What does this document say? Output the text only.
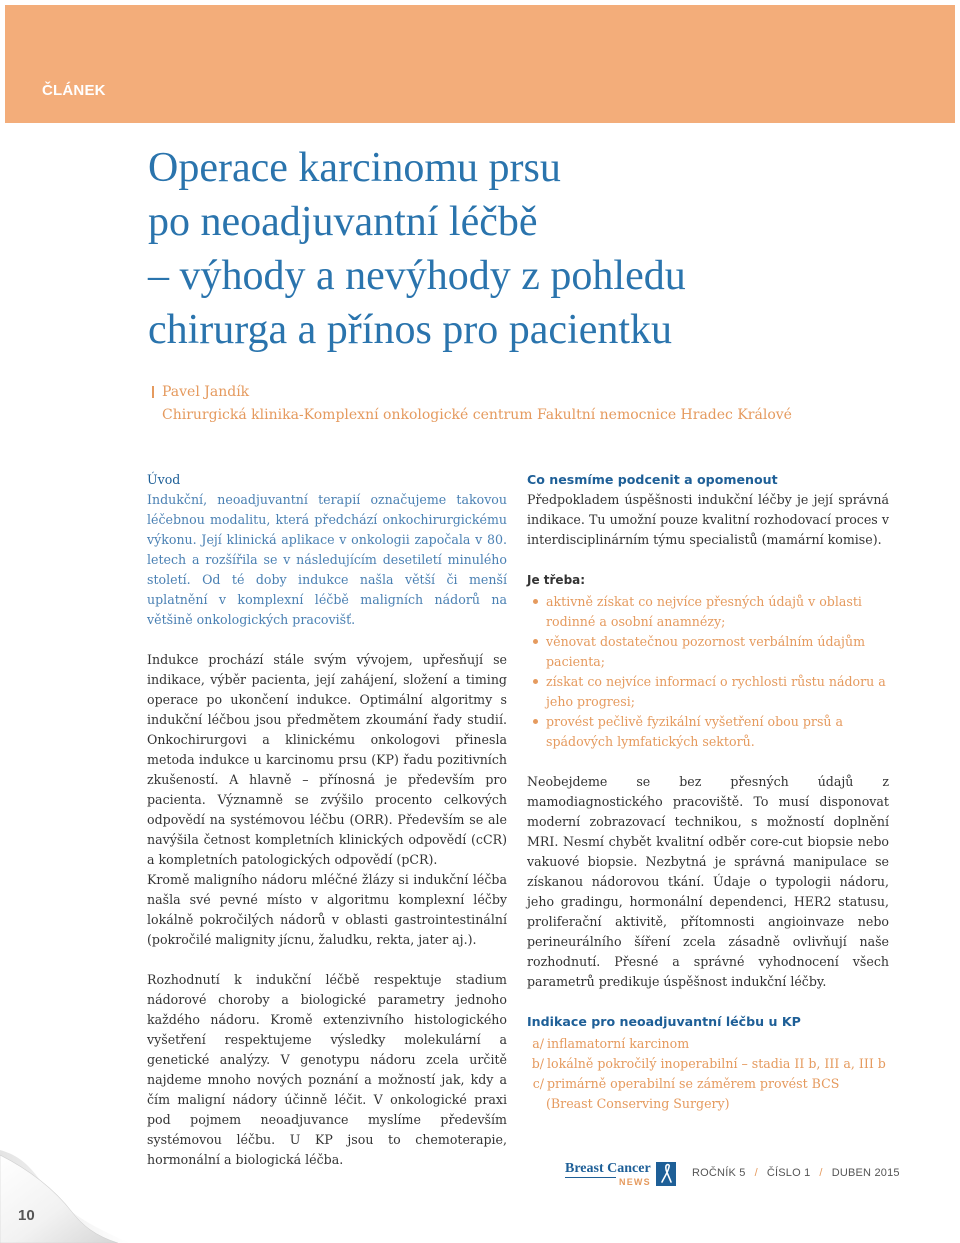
ČLÁNEK
Operace karcinomu prsu
po neoadjuvantní léčbě
– výhody a nevýhody z pohledu
chirurga a přínos pro pacientku
Pavel Jandík
Chirurgická klinika-Komplexní onkologické centrum Fakultní nemocnice Hradec Králové

Úvod

Indukční, neoadjuvantní terapií označujeme takovou léčebnou modalitu, která předchází onkochirurgickému výkonu. Její klinická aplikace v onkologii započala v 80. letech a rozšířila se v následujícím desetiletí minulého století. Od té doby indukce našla větší či menší uplatnění v komplexní léčbě maligních nádorů na většině onkologických pracovišť.

Indukce prochází stále svým vývojem, upřesňují se indikace, výběr pacienta, její zahájení, složení a timing operace po ukončení indukce. Optimální algoritmy s indukční léčbou jsou předmětem zkoumání řady studií. Onkochirurgovi a klinickému onkologovi přinesla metoda indukce u karcinomu prsu (KP) řadu pozitivních zkušeností. A hlavně – přínosná je především pro pacienta. Významně se zvýšilo procento celkových odpovědí na systémovou léčbu (ORR). Především se ale navýšila četnost kompletních klinických odpovědí (cCR) a kompletních patologických odpovědí (pCR).

Kromě maligního nádoru mléčné žlázy si indukční léčba našla své pevné místo v algoritmu komplexní léčby lokálně pokročilých nádorů v oblasti gastrointestinální (pokročilé malignity jícnu, žaludku, rekta, jater aj.).

Rozhodnutí k indukční léčbě respektuje stadium nádorové choroby a biologické parametry jednoho každého nádoru. Kromě extenzivního histologického vyšetření respektujeme výsledky molekulární a genetické analýzy. V genotypu nádoru zcela určitě najdeme mnoho nových poznání a možností jak, kdy a čím maligní nádory účinně léčit. V onkologické praxi pod pojmem neoadjuvance myslíme především systémovou léčbu. U KP jsou to chemoterapie, hormonální a biologická léčba.

Co nesmíme podcenit a opomenout

Předpokladem úspěšnosti indukční léčby je její správná indikace. Tu umožní pouze kvalitní rozhodovací proces v interdisciplinárním týmu specialistů (mamární komise).

Je třeba:

aktivně získat co nejvíce přesných údajů v oblasti rodinné a osobní anamnézy;
věnovat dostatečnou pozornost verbálním údajům pacienta;
získat co nejvíce informací o rychlosti růstu nádoru a jeho progresi;
provést pečlivě fyzikální vyšetření obou prsů a spádových lymfatických sektorů.

Neobejdeme se bez přesných údajů z mamodiagnostického pracoviště. To musí disponovat moderní zobrazovací technikou, s možností doplnění MRI. Nesmí chybět kvalitní odběr core-cut biopsie nebo vakuové biopsie. Nezbytná je správná manipulace se získanou nádorovou tkání. Údaje o typologii nádoru, jeho gradingu, hormonální dependenci, HER2 statusu, proliferační aktivitě, přítomnosti angioinvaze nebo perineurálního šíření zcela zásadně ovlivňují naše rozhodnutí. Přesné a správné vyhodnocení všech parametrů predikuje úspěšnost indukční léčby.

Indikace pro neoadjuvantní léčbu u KP

a/ inflamatorní karcinom
b/ lokálně pokročilý inoperabilní – stadia II b, III a, III b
c/ primárně operabilní se záměrem provést BCS
(Breast Conserving Surgery)
10
Breast Cancer
NEWS
ROČNÍK 5 / ČÍSLO 1 / DUBEN 2015
